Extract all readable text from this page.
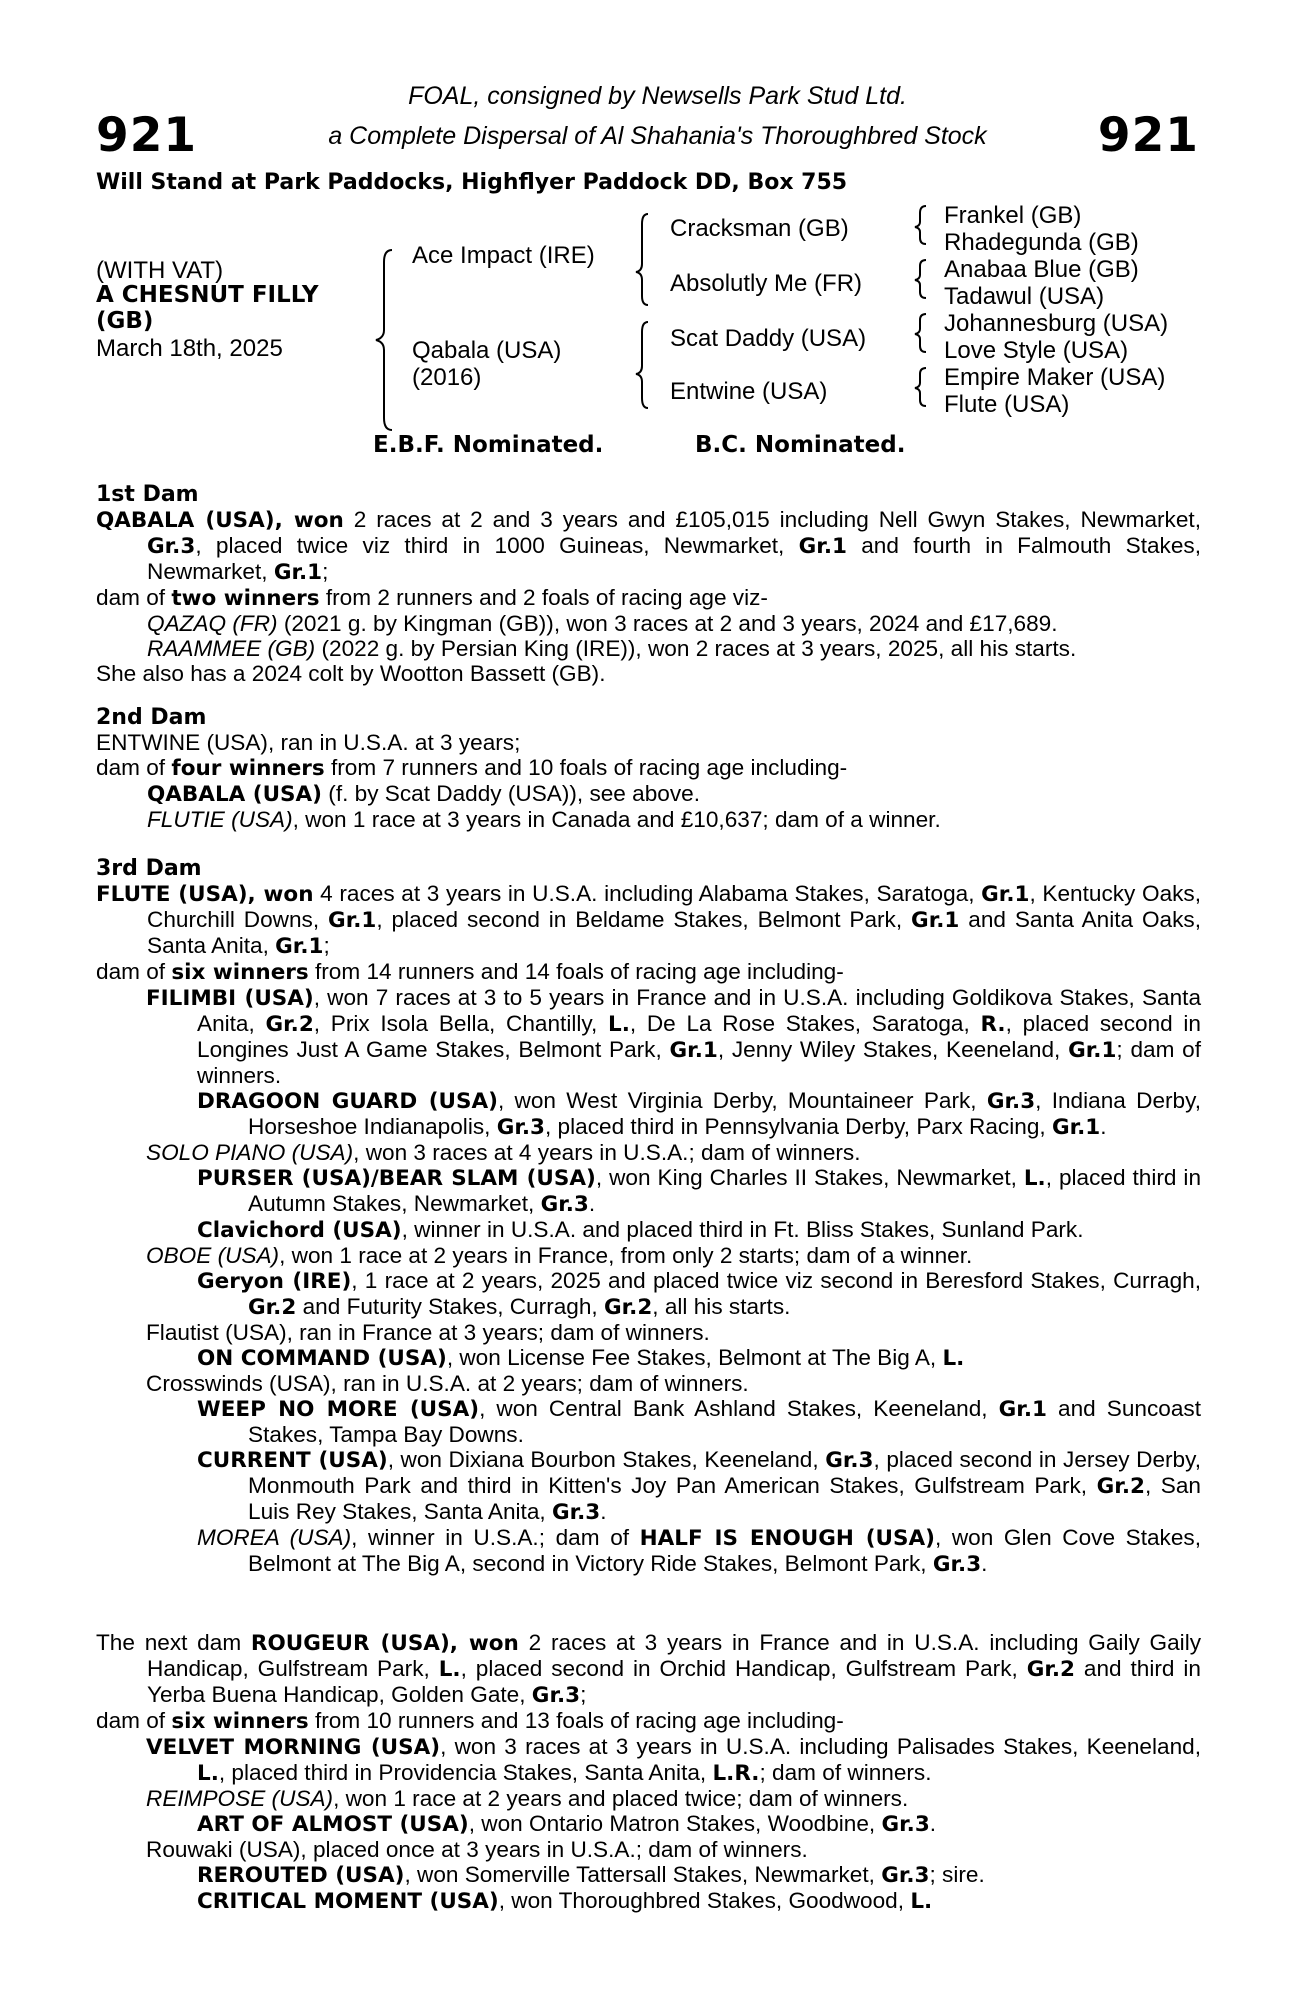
921	921
FOAL, consigned by Newsells Park Stud Ltd.
a Complete Dispersal of Al Shahania's Thoroughbred Stock
Will Stand at Park Paddocks, Highflyer Paddock DD, Box 755
(WITH VAT)
A CHESNUT FILLY
(GB)
March 18th, 2025
Ace Impact (IRE)
Qabala (USA)
(2016)
Cracksman (GB)
Absolutly Me (FR)
Scat Daddy (USA)
Entwine (USA)
Frankel (GB)
Rhadegunda (GB)
Anabaa Blue (GB)
Tadawul (USA)
Johannesburg (USA)
Love Style (USA)
Empire Maker (USA)
Flute (USA)
E.B.F. Nominated.	B.C. Nominated.
1st Dam

QABALA (USA), won 2 races at 2 and 3 years and £105,015 including Nell Gwyn Stakes, Newmarket, Gr.3, placed twice viz third in 1000 Guineas, Newmarket, Gr.1 and fourth in Falmouth Stakes, Newmarket, Gr.1;

dam of two winners from 2 runners and 2 foals of racing age viz-

QAZAQ (FR) (2021 g. by Kingman (GB)), won 3 races at 2 and 3 years, 2024 and £17,689.

RAAMMEE (GB) (2022 g. by Persian King (IRE)), won 2 races at 3 years, 2025, all his starts.

She also has a 2024 colt by Wootton Bassett (GB).

2nd Dam

ENTWINE (USA), ran in U.S.A. at 3 years;

dam of four winners from 7 runners and 10 foals of racing age including-

QABALA (USA) (f. by Scat Daddy (USA)), see above.

FLUTIE (USA), won 1 race at 3 years in Canada and £10,637; dam of a winner.

3rd Dam

FLUTE (USA), won 4 races at 3 years in U.S.A. including Alabama Stakes, Saratoga, Gr.1, Kentucky Oaks, Churchill Downs, Gr.1, placed second in Beldame Stakes, Belmont Park, Gr.1 and Santa Anita Oaks, Santa Anita, Gr.1;

dam of six winners from 14 runners and 14 foals of racing age including-

FILIMBI (USA), won 7 races at 3 to 5 years in France and in U.S.A. including Goldikova Stakes, Santa Anita, Gr.2, Prix Isola Bella, Chantilly, L., De La Rose Stakes, Saratoga, R., placed second in Longines Just A Game Stakes, Belmont Park, Gr.1, Jenny Wiley Stakes, Keeneland, Gr.1; dam of winners.

DRAGOON GUARD (USA), won West Virginia Derby, Mountaineer Park, Gr.3, Indiana Derby, Horseshoe Indianapolis, Gr.3, placed third in Pennsylvania Derby, Parx Racing, Gr.1.

SOLO PIANO (USA), won 3 races at 4 years in U.S.A.; dam of winners.

PURSER (USA)/BEAR SLAM (USA), won King Charles II Stakes, Newmarket, L., placed third in Autumn Stakes, Newmarket, Gr.3.

Clavichord (USA), winner in U.S.A. and placed third in Ft. Bliss Stakes, Sunland Park.

OBOE (USA), won 1 race at 2 years in France, from only 2 starts; dam of a winner.

Geryon (IRE), 1 race at 2 years, 2025 and placed twice viz second in Beresford Stakes, Curragh, Gr.2 and Futurity Stakes, Curragh, Gr.2, all his starts.

Flautist (USA), ran in France at 3 years; dam of winners.

ON COMMAND (USA), won License Fee Stakes, Belmont at The Big A, L.

Crosswinds (USA), ran in U.S.A. at 2 years; dam of winners.

WEEP NO MORE (USA), won Central Bank Ashland Stakes, Keeneland, Gr.1 and Suncoast Stakes, Tampa Bay Downs.

CURRENT (USA), won Dixiana Bourbon Stakes, Keeneland, Gr.3, placed second in Jersey Derby, Monmouth Park and third in Kitten's Joy Pan American Stakes, Gulfstream Park, Gr.2, San Luis Rey Stakes, Santa Anita, Gr.3.

MOREA (USA), winner in U.S.A.; dam of HALF IS ENOUGH (USA), won Glen Cove Stakes, Belmont at The Big A, second in Victory Ride Stakes, Belmont Park, Gr.3.

The next dam ROUGEUR (USA), won 2 races at 3 years in France and in U.S.A. including Gaily Gaily Handicap, Gulfstream Park, L., placed second in Orchid Handicap, Gulfstream Park, Gr.2 and third in Yerba Buena Handicap, Golden Gate, Gr.3;

dam of six winners from 10 runners and 13 foals of racing age including-

VELVET MORNING (USA), won 3 races at 3 years in U.S.A. including Palisades Stakes, Keeneland, L., placed third in Providencia Stakes, Santa Anita, L.R.; dam of winners.

REIMPOSE (USA), won 1 race at 2 years and placed twice; dam of winners.

ART OF ALMOST (USA), won Ontario Matron Stakes, Woodbine, Gr.3.

Rouwaki (USA), placed once at 3 years in U.S.A.; dam of winners.

REROUTED (USA), won Somerville Tattersall Stakes, Newmarket, Gr.3; sire.

CRITICAL MOMENT (USA), won Thoroughbred Stakes, Goodwood, L.
